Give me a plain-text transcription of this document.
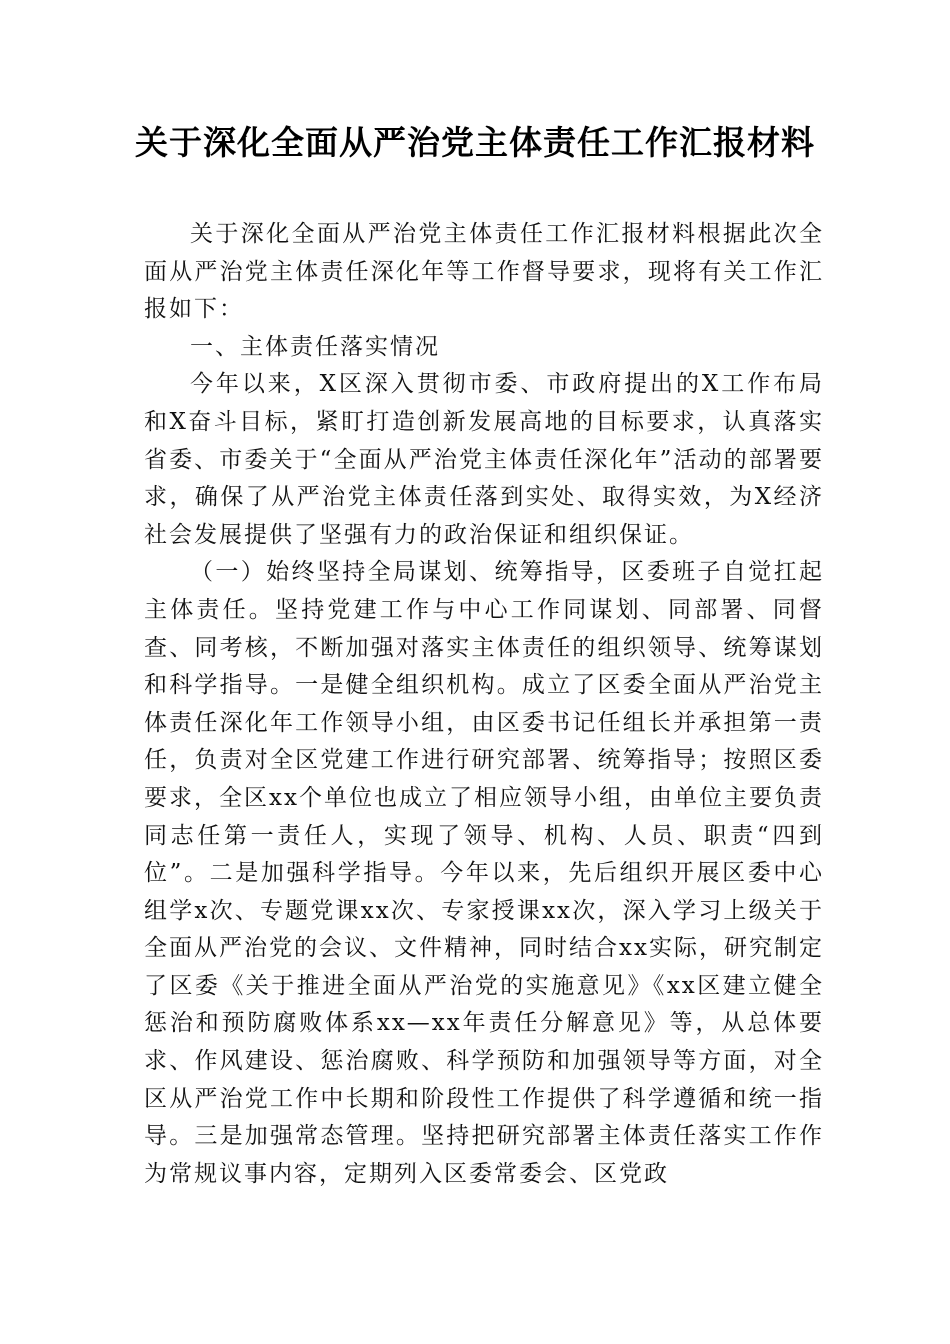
关于深化全面从严治党主体责任工作汇报材料

关于深化全面从严治党主体责任工作汇报材料根据此次全面从严治党主体责任深化年等工作督导要求，现将有关工作汇报如下：

一、主体责任落实情况

今年以来，X区深入贯彻市委、市政府提出的X工作布局和X奋斗目标，紧盯打造创新发展高地的目标要求，认真落实省委、市委关于“全面从严治党主体责任深化年”活动的部署要求，确保了从严治党主体责任落到实处、取得实效，为X经济社会发展提供了坚强有力的政治保证和组织保证。

（一）始终坚持全局谋划、统筹指导，区委班子自觉扛起主体责任。坚持党建工作与中心工作同谋划、同部署、同督查、同考核，不断加强对落实主体责任的组织领导、统筹谋划和科学指导。一是健全组织机构。成立了区委全面从严治党主体责任深化年工作领导小组，由区委书记任组长并承担第一责任，负责对全区党建工作进行研究部署、统筹指导；按照区委要求，全区xx个单位也成立了相应领导小组，由单位主要负责同志任第一责任人，实现了领导、机构、人员、职责“四到位”。二是加强科学指导。今年以来，先后组织开展区委中心组学x次、专题党课xx次、专家授课xx次，深入学习上级关于全面从严治党的会议、文件精神，同时结合xx实际，研究制定了区委《关于推进全面从严治党的实施意见》《xx区建立健全惩治和预防腐败体系xx—xx年责任分解意见》等，从总体要求、作风建设、惩治腐败、科学预防和加强领导等方面，对全区从严治党工作中长期和阶段性工作提供了科学遵循和统一指导。三是加强常态管理。坚持把研究部署主体责任落实工作作为常规议事内容，定期列入区委常委会、区党政
